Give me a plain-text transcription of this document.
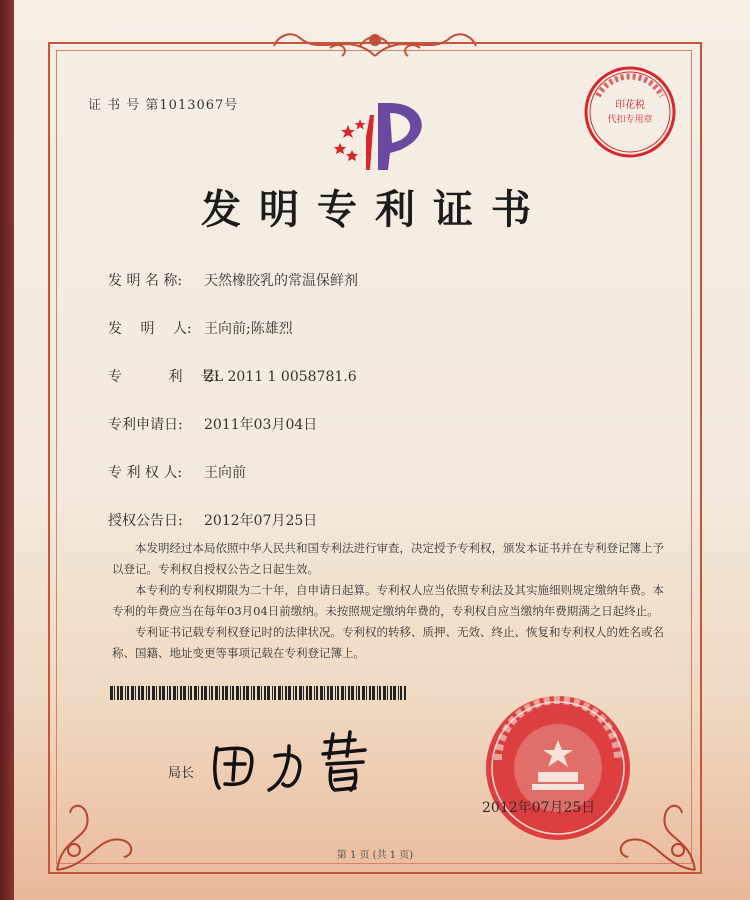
证 书 号 第1013067号
发明专利证书
发 明 名 称: 天然橡胶乳的常温保鲜剂
发　 明　 人: 王向前;陈雄烈
专　　　 利　 号:ZL 2011 1 0058781.6
专利申请日: 2011年03月04日
专 利 权 人: 王向前
授权公告日: 2012年07月25日

本发明经过本局依照中华人民共和国专利法进行审查，决定授予专利权，颁发本证书并在专利登记簿上予以登记。专利权自授权公告之日起生效。

本专利的专利权期限为二十年，自申请日起算。专利权人应当依照专利法及其实施细则规定缴纳年费。本专利的年费应当在每年03月04日前缴纳。未按照规定缴纳年费的，专利权自应当缴纳年费期满之日起终止。

专利证书记载专利权登记时的法律状况。专利权的转移、质押、无效、终止、恢复和专利权人的姓名或名称、国籍、地址变更等事项记载在专利登记簿上。

局长
印花税
代扣专用章
2012年07月25日
第 1 页 (共 1 页)
